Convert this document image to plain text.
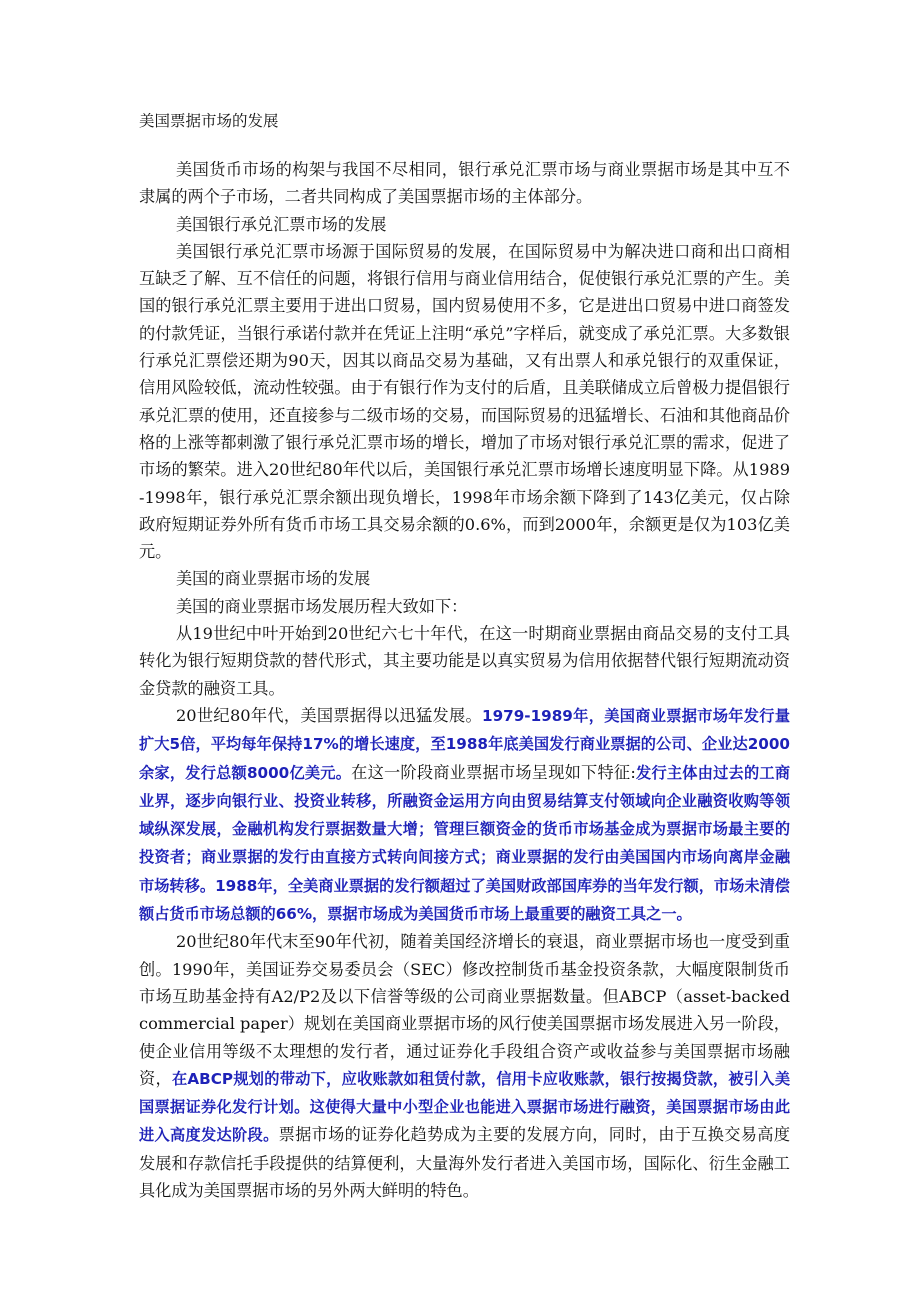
美国票据市场的发展

美国货币市场的构架与我国不尽相同，银行承兑汇票市场与商业票据市场是其中互不隶属的两个子市场，二者共同构成了美国票据市场的主体部分。

美国银行承兑汇票市场的发展

美国银行承兑汇票市场源于国际贸易的发展，在国际贸易中为解决进口商和出口商相互缺乏了解、互不信任的问题，将银行信用与商业信用结合，促使银行承兑汇票的产生。美国的银行承兑汇票主要用于进出口贸易，国内贸易使用不多，它是进出口贸易中进口商签发的付款凭证，当银行承诺付款并在凭证上注明“承兑”字样后，就变成了承兑汇票。大多数银行承兑汇票偿还期为90天，因其以商品交易为基础，又有出票人和承兑银行的双重保证，信用风险较低，流动性较强。由于有银行作为支付的后盾，且美联储成立后曾极力提倡银行承兑汇票的使用，还直接参与二级市场的交易，而国际贸易的迅猛增长、石油和其他商品价格的上涨等都刺激了银行承兑汇票市场的增长，增加了市场对银行承兑汇票的需求，促进了市场的繁荣。进入20世纪80年代以后，美国银行承兑汇票市场增长速度明显下降。从1989-1998年，银行承兑汇票余额出现负增长，1998年市场余额下降到了143亿美元，仅占除政府短期证券外所有货币市场工具交易余额的0.6%，而到2000年，余额更是仅为103亿美元。

美国的商业票据市场的发展

美国的商业票据市场发展历程大致如下：

从19世纪中叶开始到20世纪六七十年代，在这一时期商业票据由商品交易的支付工具转化为银行短期贷款的替代形式，其主要功能是以真实贸易为信用依据替代银行短期流动资金贷款的融资工具。

20世纪80年代，美国票据得以迅猛发展。1979-1989年，美国商业票据市场年发行量扩大5倍，平均每年保持17%的增长速度，至1988年底美国发行商业票据的公司、企业达2000余家，发行总额8000亿美元。在这一阶段商业票据市场呈现如下特征:发行主体由过去的工商业界，逐步向银行业、投资业转移，所融资金运用方向由贸易结算支付领域向企业融资收购等领域纵深发展，金融机构发行票据数量大增；管理巨额资金的货币市场基金成为票据市场最主要的投资者；商业票据的发行由直接方式转向间接方式；商业票据的发行由美国国内市场向离岸金融市场转移。1988年，全美商业票据的发行额超过了美国财政部国库券的当年发行额，市场未清偿额占货币市场总额的66%，票据市场成为美国货币市场上最重要的融资工具之一。

20世纪80年代末至90年代初，随着美国经济增长的衰退，商业票据市场也一度受到重创。1990年，美国证券交易委员会（SEC）修改控制货币基金投资条款，大幅度限制货币市场互助基金持有A2/P2及以下信誉等级的公司商业票据数量。但ABCP（asset-backed commercial paper）规划在美国商业票据市场的风行使美国票据市场发展进入另一阶段，使企业信用等级不太理想的发行者，通过证券化手段组合资产或收益参与美国票据市场融资，在ABCP规划的带动下，应收账款如租赁付款，信用卡应收账款，银行按揭贷款，被引入美国票据证券化发行计划。这使得大量中小型企业也能进入票据市场进行融资，美国票据市场由此进入高度发达阶段。票据市场的证券化趋势成为主要的发展方向，同时，由于互换交易高度发展和存款信托手段提供的结算便利，大量海外发行者进入美国市场，国际化、衍生金融工具化成为美国票据市场的另外两大鲜明的特色。
